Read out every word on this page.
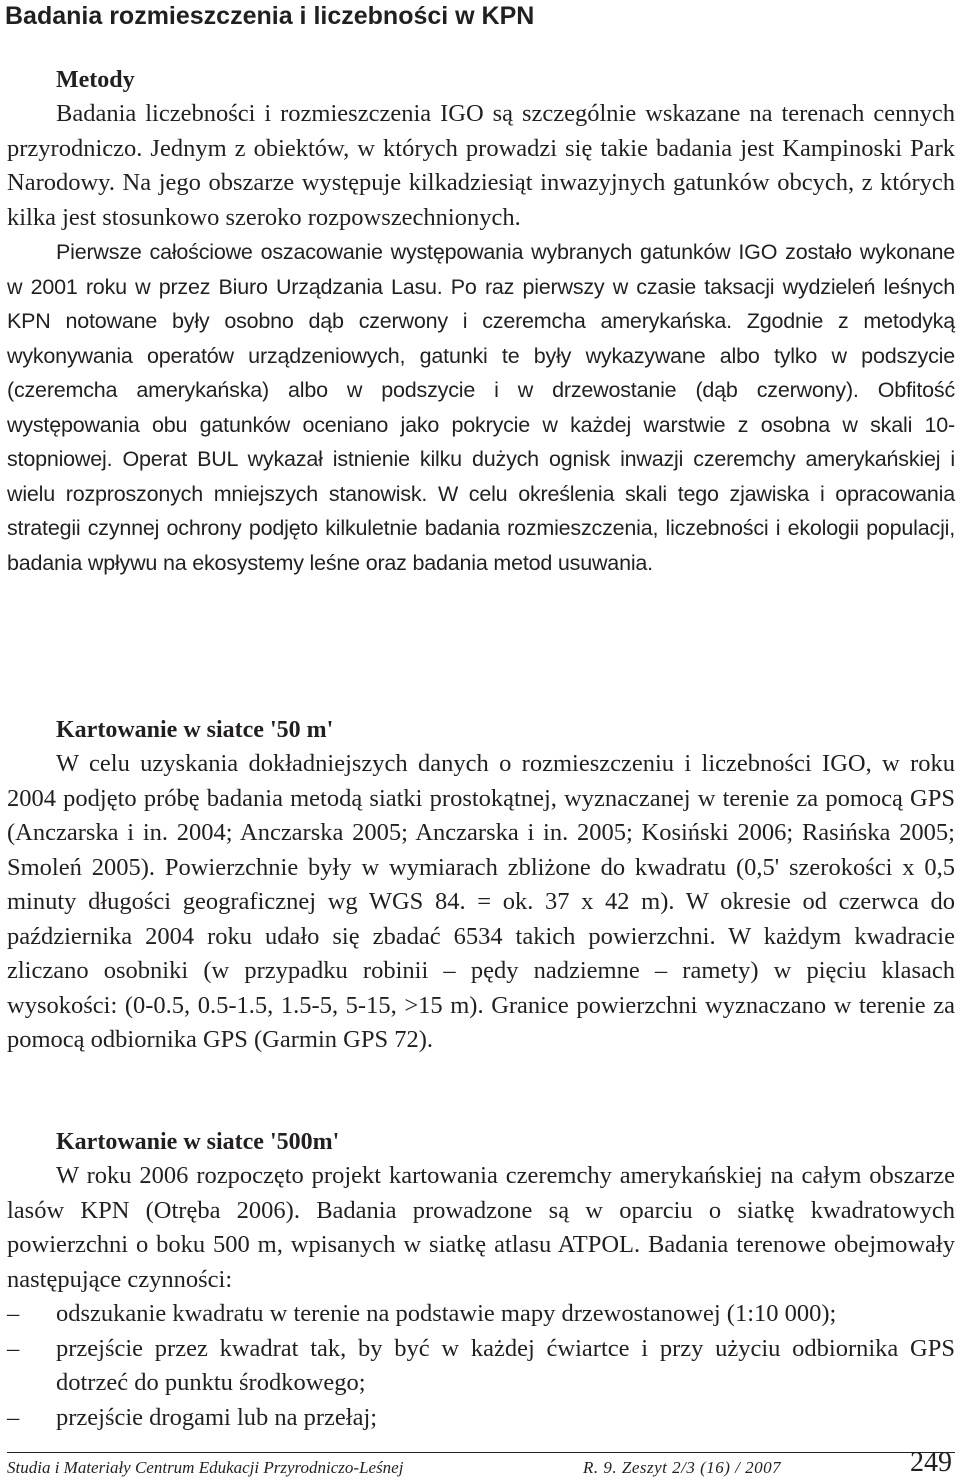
Badania rozmieszczenia i liczebności w KPN
Metody

Badania liczebności i rozmieszczenia IGO są szczególnie wskazane na terenach cennych przyrodniczo. Jednym z obiektów, w których prowadzi się takie badania jest Kampinoski Park Narodowy. Na jego obszarze występuje kilkadziesiąt inwazyjnych gatunków obcych, z których kilka jest stosunkowo szeroko rozpowszechnionych.

Pierwsze całościowe oszacowanie występowania wybranych gatunków IGO zostało wykonane w 2001 roku w przez Biuro Urządzania Lasu. Po raz pierwszy w czasie taksacji wydzieleń leśnych KPN notowane były osobno dąb czerwony i czeremcha amerykańska. Zgodnie z metodyką wykonywania operatów urządzeniowych, gatunki te były wykazywane albo tylko w podszycie (czeremcha amerykańska) albo w podszycie i w drzewostanie (dąb czerwony). Obfitość występowania obu gatunków oceniano jako pokrycie w każdej warstwie z osobna w skali 10-stopniowej. Operat BUL wykazał istnienie kilku dużych ognisk inwazji czeremchy amerykańskiej i wielu rozproszonych mniejszych stanowisk. W celu określenia skali tego zjawiska i opracowania strategii czynnej ochrony podjęto kilkuletnie badania rozmieszczenia, liczebności i ekologii populacji, badania wpływu na ekosystemy leśne oraz badania metod usuwania.

Kartowanie w siatce '50 m'

W celu uzyskania dokładniejszych danych o rozmieszczeniu i liczebności IGO, w roku 2004 podjęto próbę badania metodą siatki prostokątnej, wyznaczanej w terenie za pomocą GPS (Anczarska i in. 2004; Anczarska 2005; Anczarska i in. 2005; Kosiński 2006; Rasińska 2005; Smoleń 2005). Powierzchnie były w wymiarach zbliżone do kwadratu (0,5' szerokości x 0,5 minuty długości geograficznej wg WGS 84. = ok. 37 x 42 m). W okresie od czerwca do października 2004 roku udało się zbadać 6534 takich powierzchni. W każdym kwadracie zliczano osobniki (w przypadku robinii – pędy nadziemne – ramety) w pięciu klasach wysokości: (0-0.5, 0.5-1.5, 1.5-5, 5-15, >15 m). Granice powierzchni wyznaczano w terenie za pomocą odbiornika GPS (Garmin GPS 72).

Kartowanie w siatce '500m'

W roku 2006 rozpoczęto projekt kartowania czeremchy amerykańskiej na całym obszarze lasów KPN (Otręba 2006). Badania prowadzone są w oparciu o siatkę kwadratowych powierzchni o boku 500 m, wpisanych w siatkę atlasu ATPOL. Badania terenowe obejmowały następujące czynności:

–	odszukanie kwadratu w terenie na podstawie mapy drzewostanowej (1:10 000);
–	przejście przez kwadrat tak, by być w każdej ćwiartce i przy użyciu odbiornika GPS dotrzeć do punktu środkowego;
–	przejście drogami lub na przełaj;
Studia i Materiały Centrum Edukacji Przyrodniczo-Leśnej	R. 9. Zeszyt 2/3 (16) / 2007	249
